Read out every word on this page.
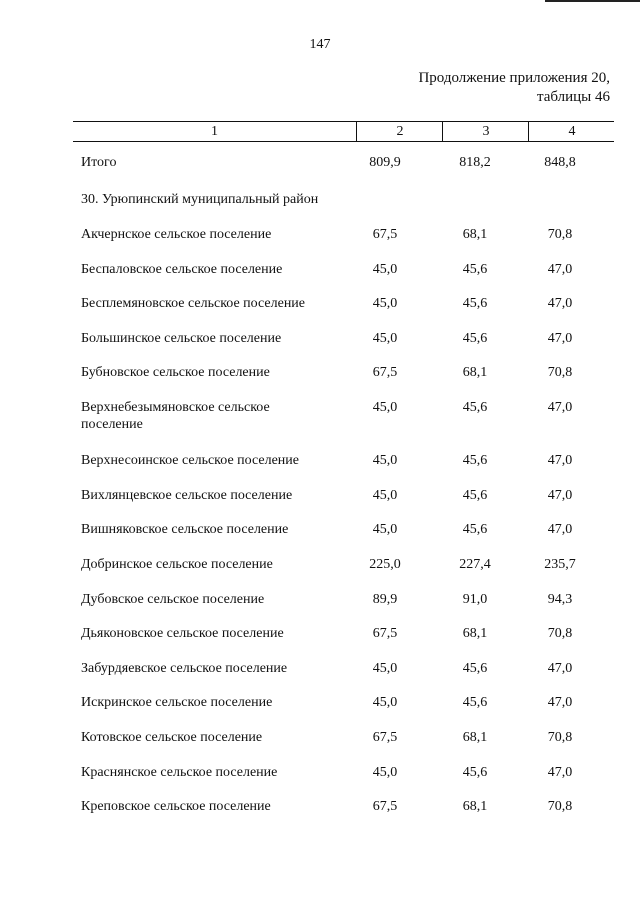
147
Продолжение приложения 20,
таблицы 46
1	2	3	4
Итого	809,9	818,2	848,8
30. Урюпинский муниципальный район
Акчернское сельское поселение	67,5	68,1	70,8
Беспаловское сельское поселение	45,0	45,6	47,0
Бесплемяновское сельское поселение	45,0	45,6	47,0
Большинское сельское поселение	45,0	45,6	47,0
Бубновское сельское поселение	67,5	68,1	70,8
Верхнебезымяновское сельское поселение
45,0	45,6	47,0
Верхнесоинское сельское поселение	45,0	45,6	47,0
Вихлянцевское сельское поселение	45,0	45,6	47,0
Вишняковское сельское поселение	45,0	45,6	47,0
Добринское сельское поселение	225,0	227,4	235,7
Дубовское сельское поселение	89,9	91,0	94,3
Дьяконовское сельское поселение	67,5	68,1	70,8
Забурдяевское сельское поселение	45,0	45,6	47,0
Искринское сельское поселение	45,0	45,6	47,0
Котовское сельское поселение	67,5	68,1	70,8
Краснянское сельское поселение	45,0	45,6	47,0
Креповское сельское поселение	67,5	68,1	70,8
